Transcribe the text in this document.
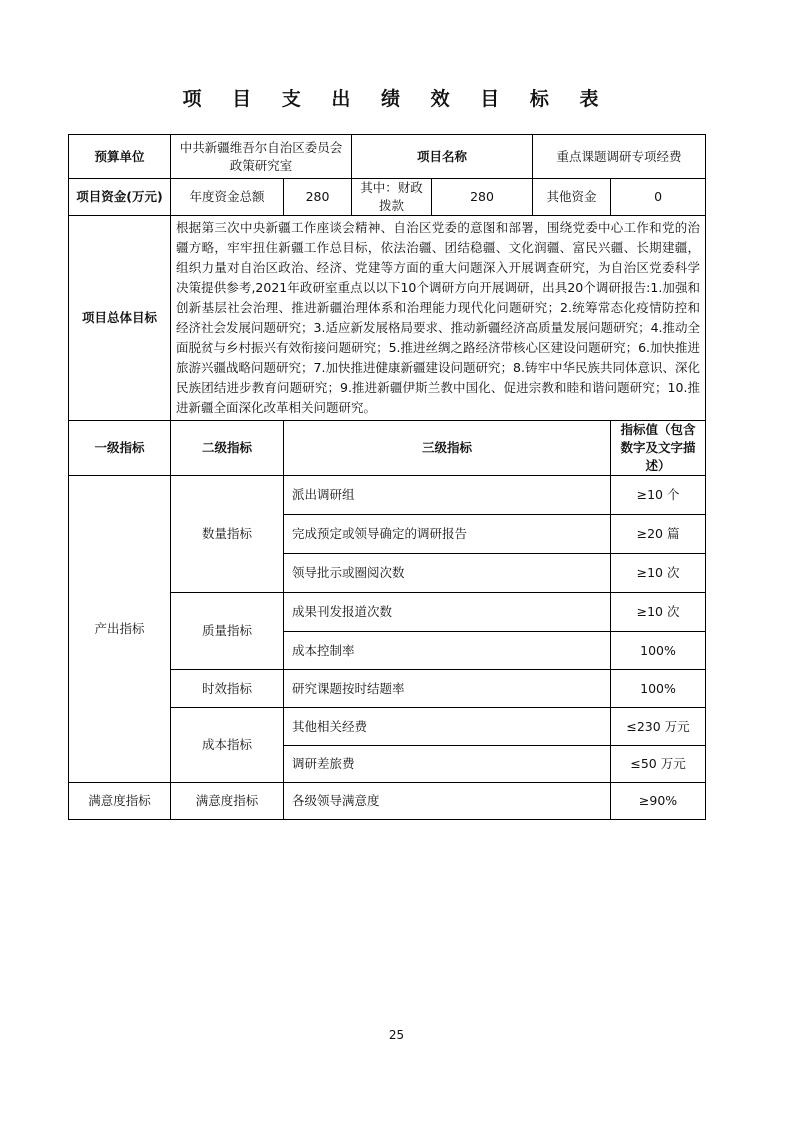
项 目 支 出 绩 效 目 标 表
预算单位	中共新疆维吾尔自治区委员会政策研究室		项目名称		重点课题调研专项经费	
项目资金(万元)	年度资金总额	280	其中：财政拨款	280	其他资金	0
项目总体目标	根据第三次中央新疆工作座谈会精神、自治区党委的意图和部署，围绕党委中心工作和党的治疆方略，牢牢扭住新疆工作总目标，依法治疆、团结稳疆、文化润疆、富民兴疆、长期建疆，组织力量对自治区政治、经济、党建等方面的重大问题深入开展调查研究，为自治区党委科学决策提供参考,2021年政研室重点以以下10个调研方向开展调研，出具20个调研报告:1.加强和创新基层社会治理、推进新疆治理体系和治理能力现代化问题研究；2.统筹常态化疫情防控和经济社会发展问题研究；3.适应新发展格局要求、推动新疆经济高质量发展问题研究；4.推动全面脱贫与乡村振兴有效衔接问题研究；5.推进丝绸之路经济带核心区建设问题研究；6.加快推进旅游兴疆战略问题研究；7.加快推进健康新疆建设问题研究；8.铸牢中华民族共同体意识、深化民族团结进步教育问题研究；9.推进新疆伊斯兰教中国化、促进宗教和睦和谐问题研究；10.推进新疆全面深化改革相关问题研究。					
一级指标	二级指标	三级指标				指标值（包含数字及文字描述）
产出指标	数量指标	派出调研组				≥10 个
		完成预定或领导确定的调研报告				≥20 篇
		领导批示或圈阅次数				≥10 次
	质量指标	成果刊发报道次数				≥10 次
		成本控制率				100%
	时效指标	研究课题按时结题率				100%
	成本指标	其他相关经费				≤230 万元
		调研差旅费				≤50 万元
满意度指标	满意度指标	各级领导满意度				≥90%
25
